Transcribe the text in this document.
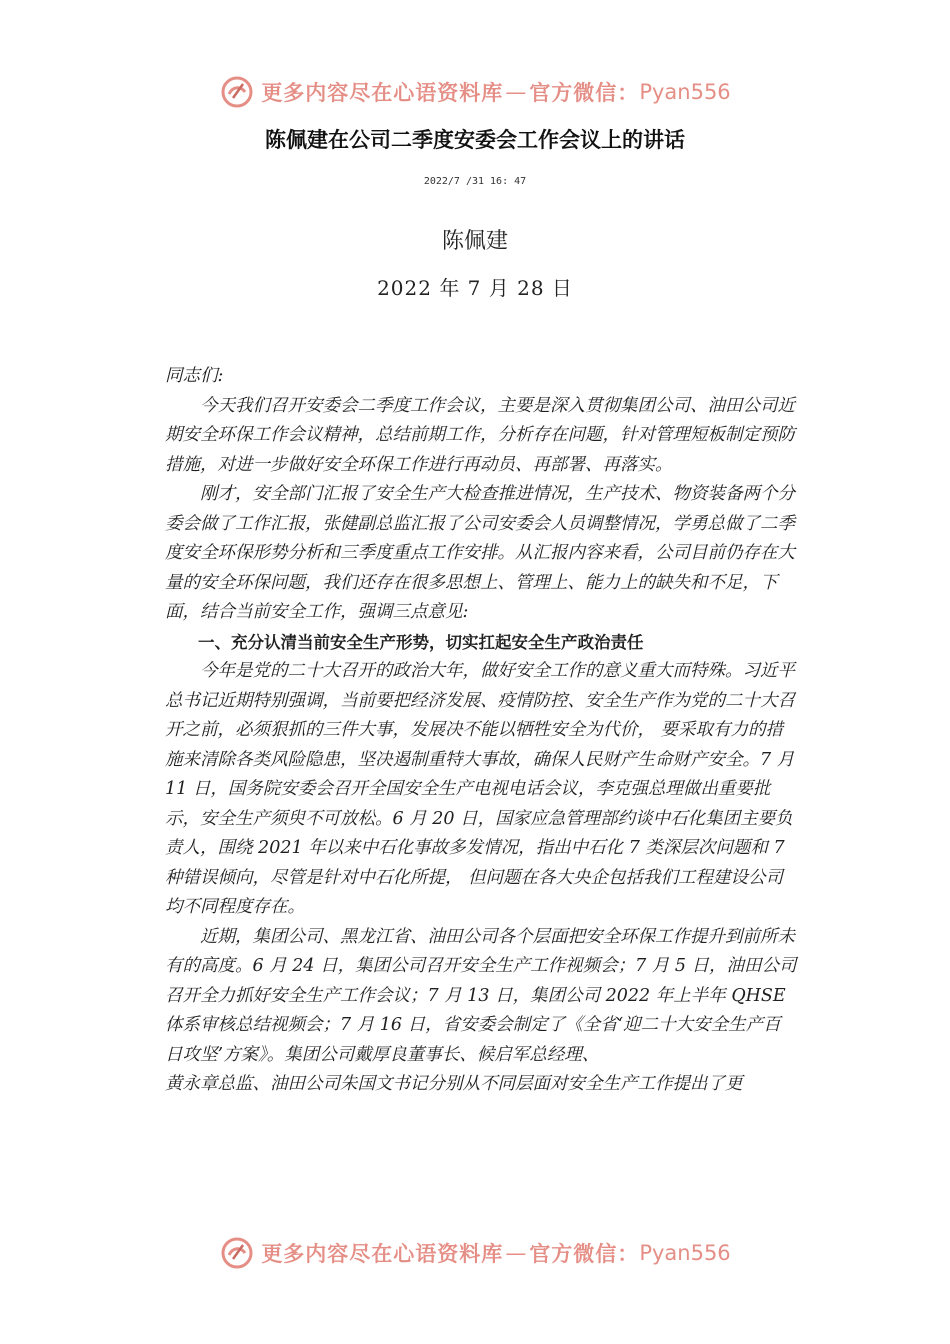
更多内容尽在心语资料库 — 官方微信： Pyan556
陈佩建在公司二季度安委会工作会议上的讲话
2022/7 /31 16: 47
陈佩建
2022 年 7 月 28 日

同志们:

今天我们召开安委会二季度工作会议，主要是深入贯彻集团公司、油田公司近期安全环保工作会议精神，总结前期工作，分析存在问题，针对管理短板制定预防措施，对进一步做好安全环保工作进行再动员、再部署、再落实。

刚才，安全部门汇报了安全生产大检查推进情况，生产技术、物资装备两个分委会做了工作汇报，张健副总监汇报了公司安委会人员调整情况，学勇总做了二季度安全环保形势分析和三季度重点工作安排。从汇报内容来看，公司目前仍存在大量的安全环保问题，我们还存在很多思想上、管理上、能力上的缺失和不足，下面，结合当前安全工作，强调三点意见:

一、充分认清当前安全生产形势，切实扛起安全生产政治责任

今年是党的二十大召开的政治大年，做好安全工作的意义重大而特殊。习近平总书记近期特别强调，当前要把经济发展、疫情防控、安全生产作为党的二十大召开之前，必须狠抓的三件大事，发展决不能以牺牲安全为代价， 要采取有力的措施来清除各类风险隐患，坚决遏制重特大事故，确保人民财产生命财产安全。7 月 11 日，国务院安委会召开全国安全生产电视电话会议，李克强总理做出重要批示，安全生产须臾不可放松。6 月 20 日，国家应急管理部约谈中石化集团主要负责人，围绕 2021 年以来中石化事故多发情况，指出中石化 7 类深层次问题和 7 种错误倾向，尽管是针对中石化所提， 但问题在各大央企包括我们工程建设公司均不同程度存在。

近期，集团公司、黑龙江省、油田公司各个层面把安全环保工作提升到前所未有的高度。6 月 24 日，集团公司召开安全生产工作视频会；7 月 5 日，油田公司召开全力抓好安全生产工作会议；7 月 13 日，集团公司 2022 年上半年 QHSE 体系审核总结视频会；7 月 16 日，省安委会制定了《全省‘迎二十大安全生产百日攻坚’方案》。集团公司戴厚良董事长、候启军总经理、

黄永章总监、油田公司朱国文书记分别从不同层面对安全生产工作提出了更

更多内容尽在心语资料库 — 官方微信： Pyan556
